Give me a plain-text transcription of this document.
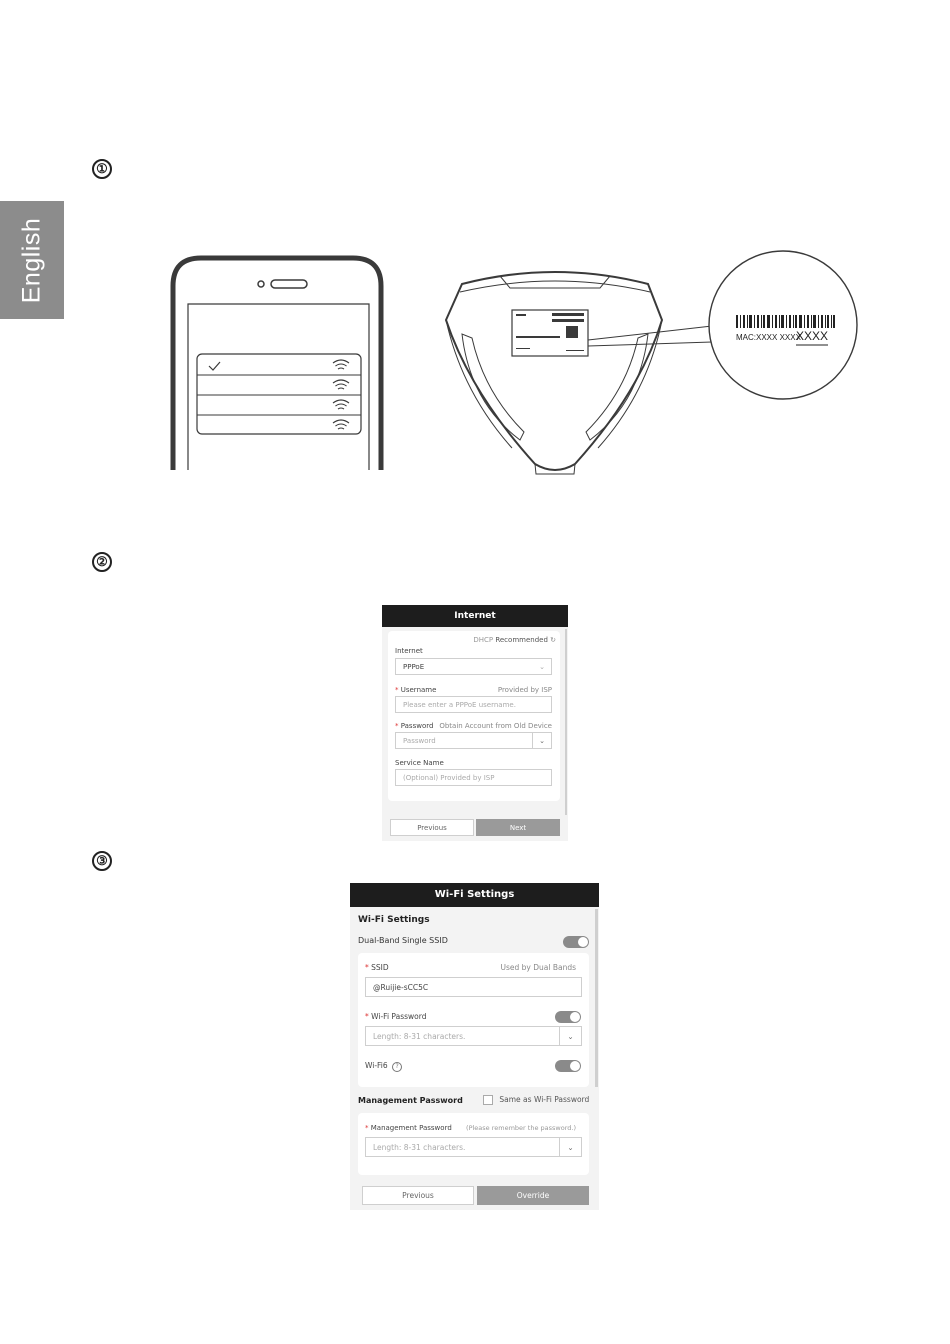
English
①
②
③
MAC:XXXX XXXX
XXXX
Internet
DHCP Recommended ↻
Internet
PPPoE	⌄
* Username	Provided by ISP
Please enter a PPPoE username.
* Password Obtain Account from Old Device
Password	⌄
Service Name
(Optional) Provided by ISP
Previous	Next
Wi-Fi Settings
Wi-Fi Settings
Dual-Band Single SSID
* SSID	Used by Dual Bands
@Ruijie-sCC5C
* Wi-Fi Password
Length: 8-31 characters.	⌄
Wi-Fi6 ?
Management Password	Same as Wi-Fi Password
* Management Password (Please remember the password.)
Length: 8-31 characters.	⌄
Previous	Override
